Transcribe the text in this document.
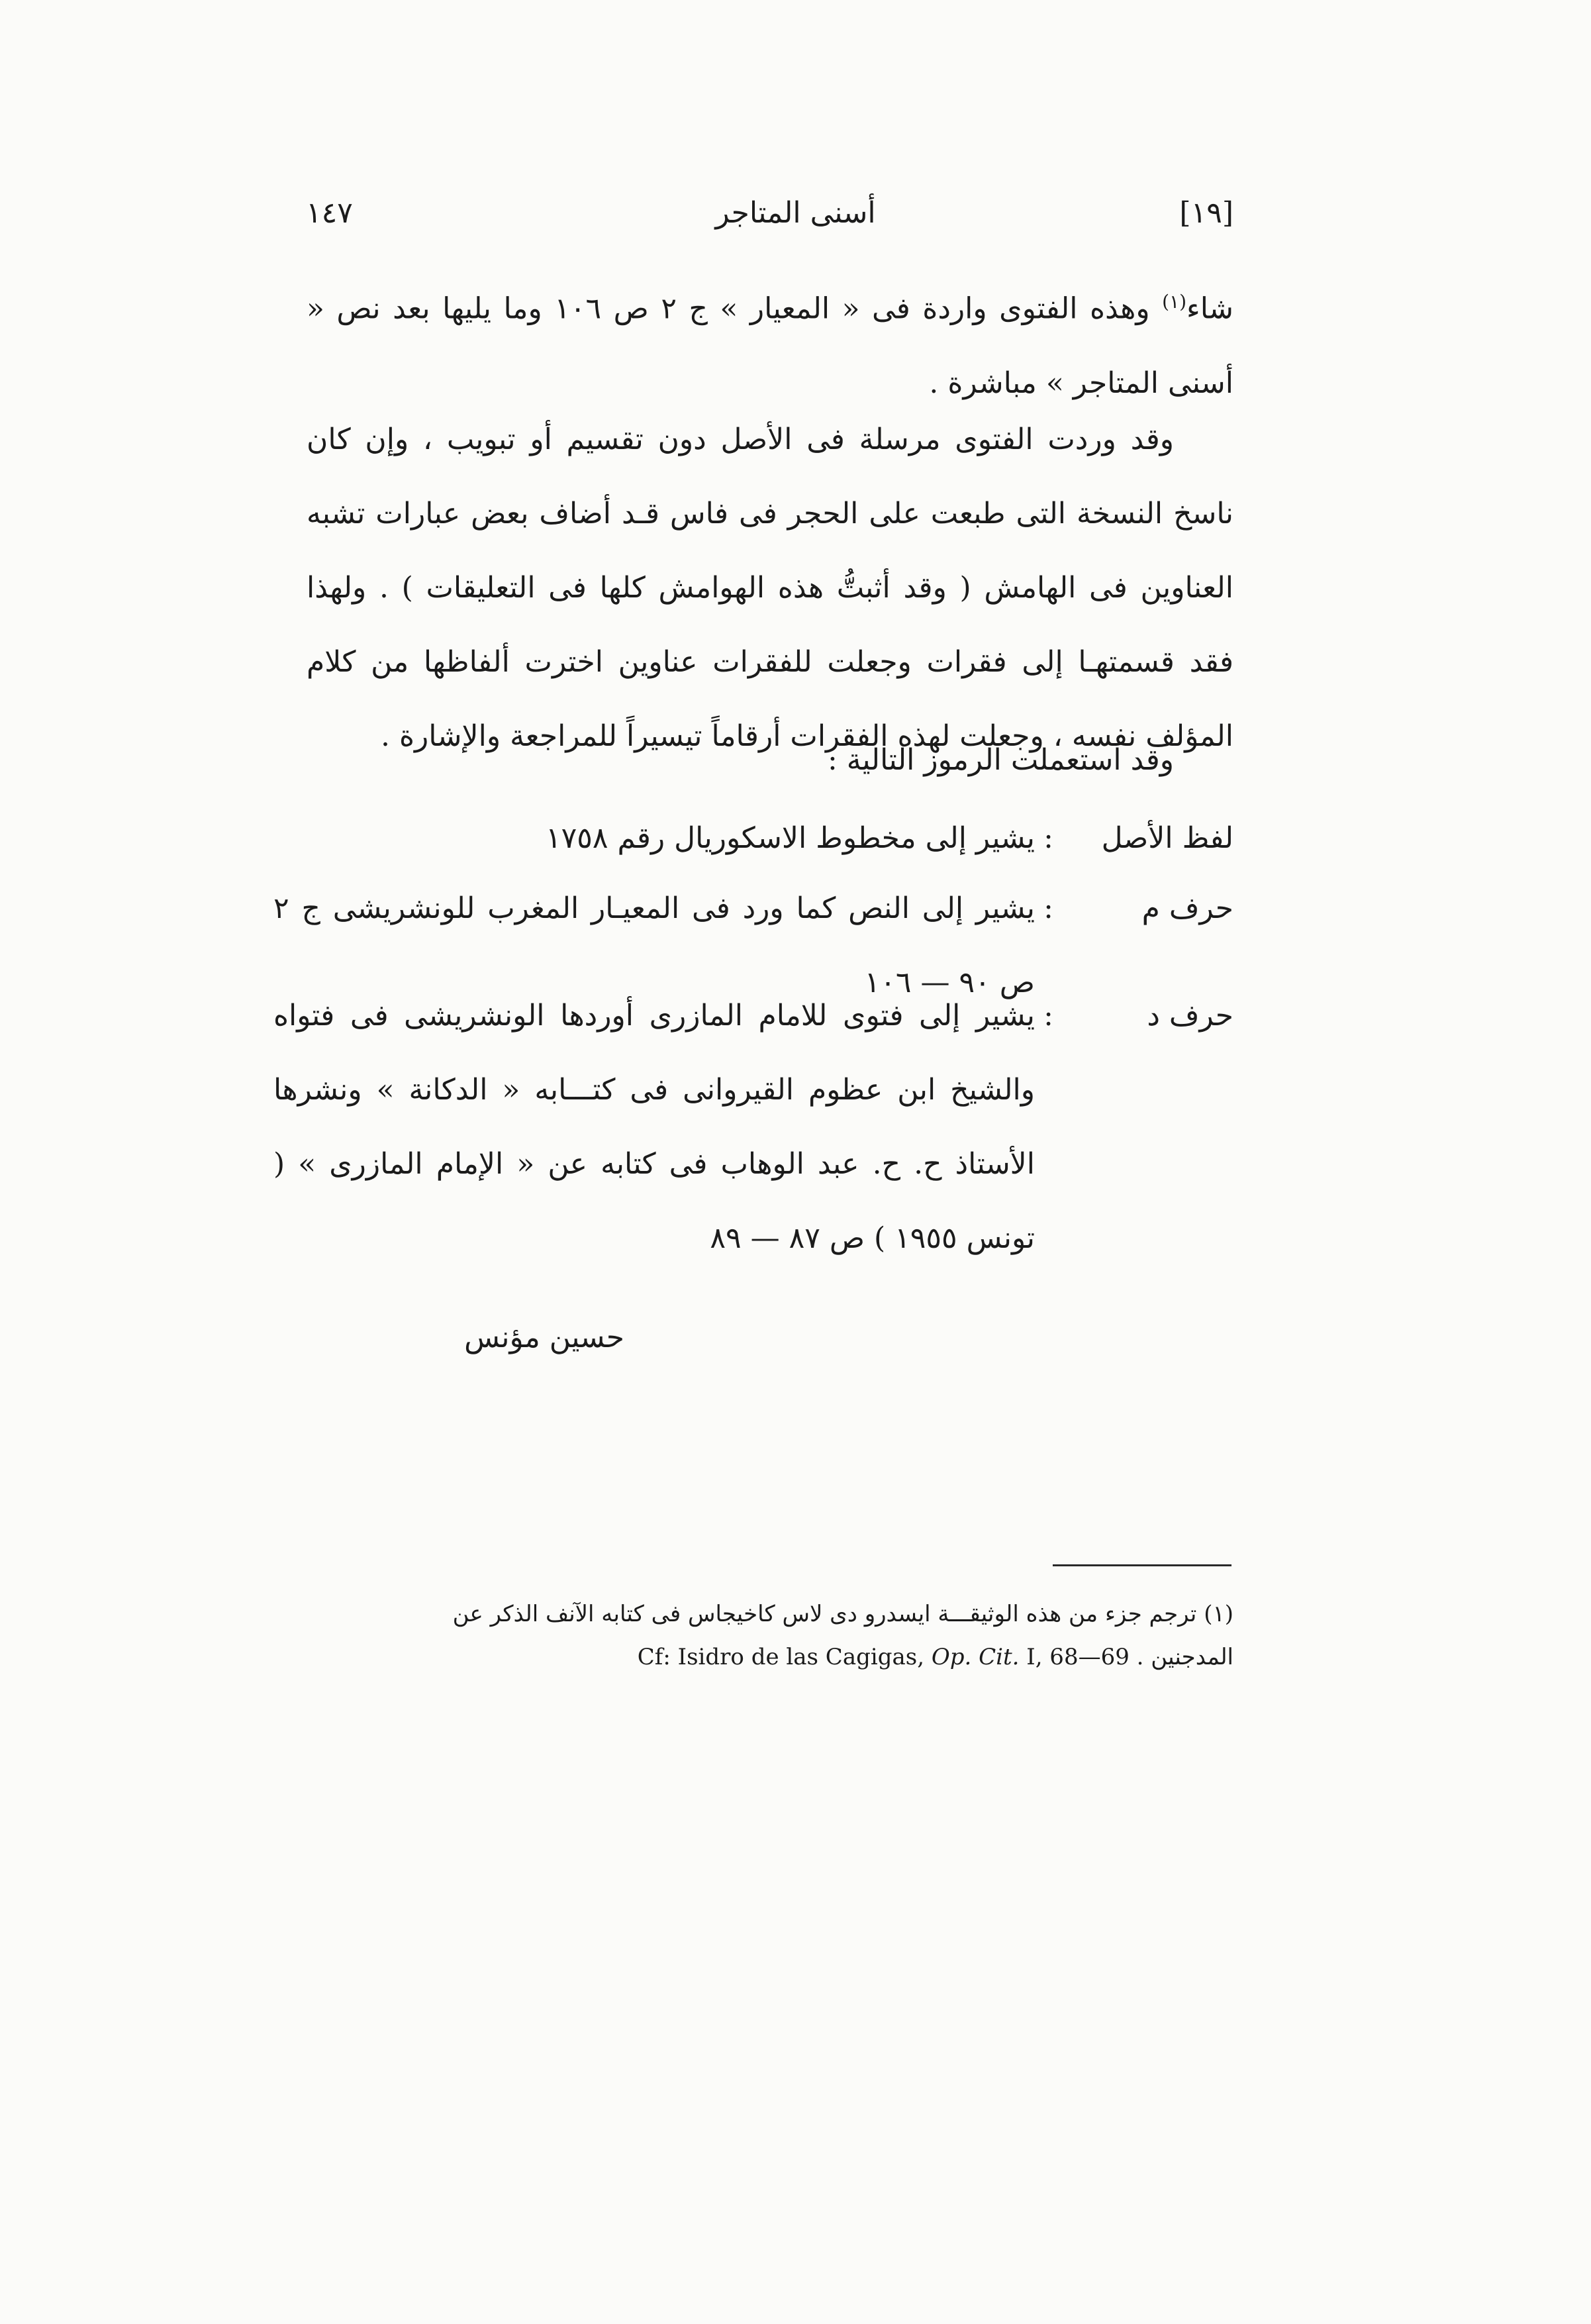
[١٩]
أسنى المتاجر
١٤٧

شاء$^{(١)}$ وهذه الفتوى واردة فى « المعيار » ج ٢ ص ١٠٦ وما يليها بعد نص « أسنى المتاجر » مباشرة .

وقد وردت الفتوى مرسلة فى الأصل دون تقسيم أو تبويب ، وإن كان ناسخ النسخة التى طبعت على الحجر فى فاس قـد أضاف بعض عبارات تشبه العناوين فى الهامش ( وقد أثبتُّ هذه الهوامش كلها فى التعليقات ) . ولهذا فقد قسمتهـا إلى فقرات وجعلت للفقرات عناوين اخترت ألفاظها من كلام المؤلف نفسه ، وجعلت لهذه الفقرات أرقاماً تيسيراً للمراجعة والإشارة .

وقد استعملت الرموز التالية :

لفظ الأصل
:
يشير إلى مخطوط الاسكوريال رقم ١٧٥٨
حرف م
:
يشير إلى النص كما ورد فى المعيـار المغرب للونشريشى ج ٢ ص ٩٠ — ١٠٦
حرف د
:
يشير إلى فتوى للامام المازرى أوردها الونشريشى فى فتواه والشيخ ابن عظوم القيروانى فى كتـــابه « الدكانة » ونشرها الأستاذ ح. ح. عبد الوهاب فى كتابه عن « الإمام المازرى » ( تونس ١٩٥٥ ) ص ٨٧ — ٨٩
حسين مؤنس
(١) ترجم جزء من هذه الوثيقـــة ايسدرو دى لاس كاخيجاس فى كتابه الآنف الذكر عن
المدجنين . Cf: Isidro de las Cagigas, Op. Cit. I, 68—69
